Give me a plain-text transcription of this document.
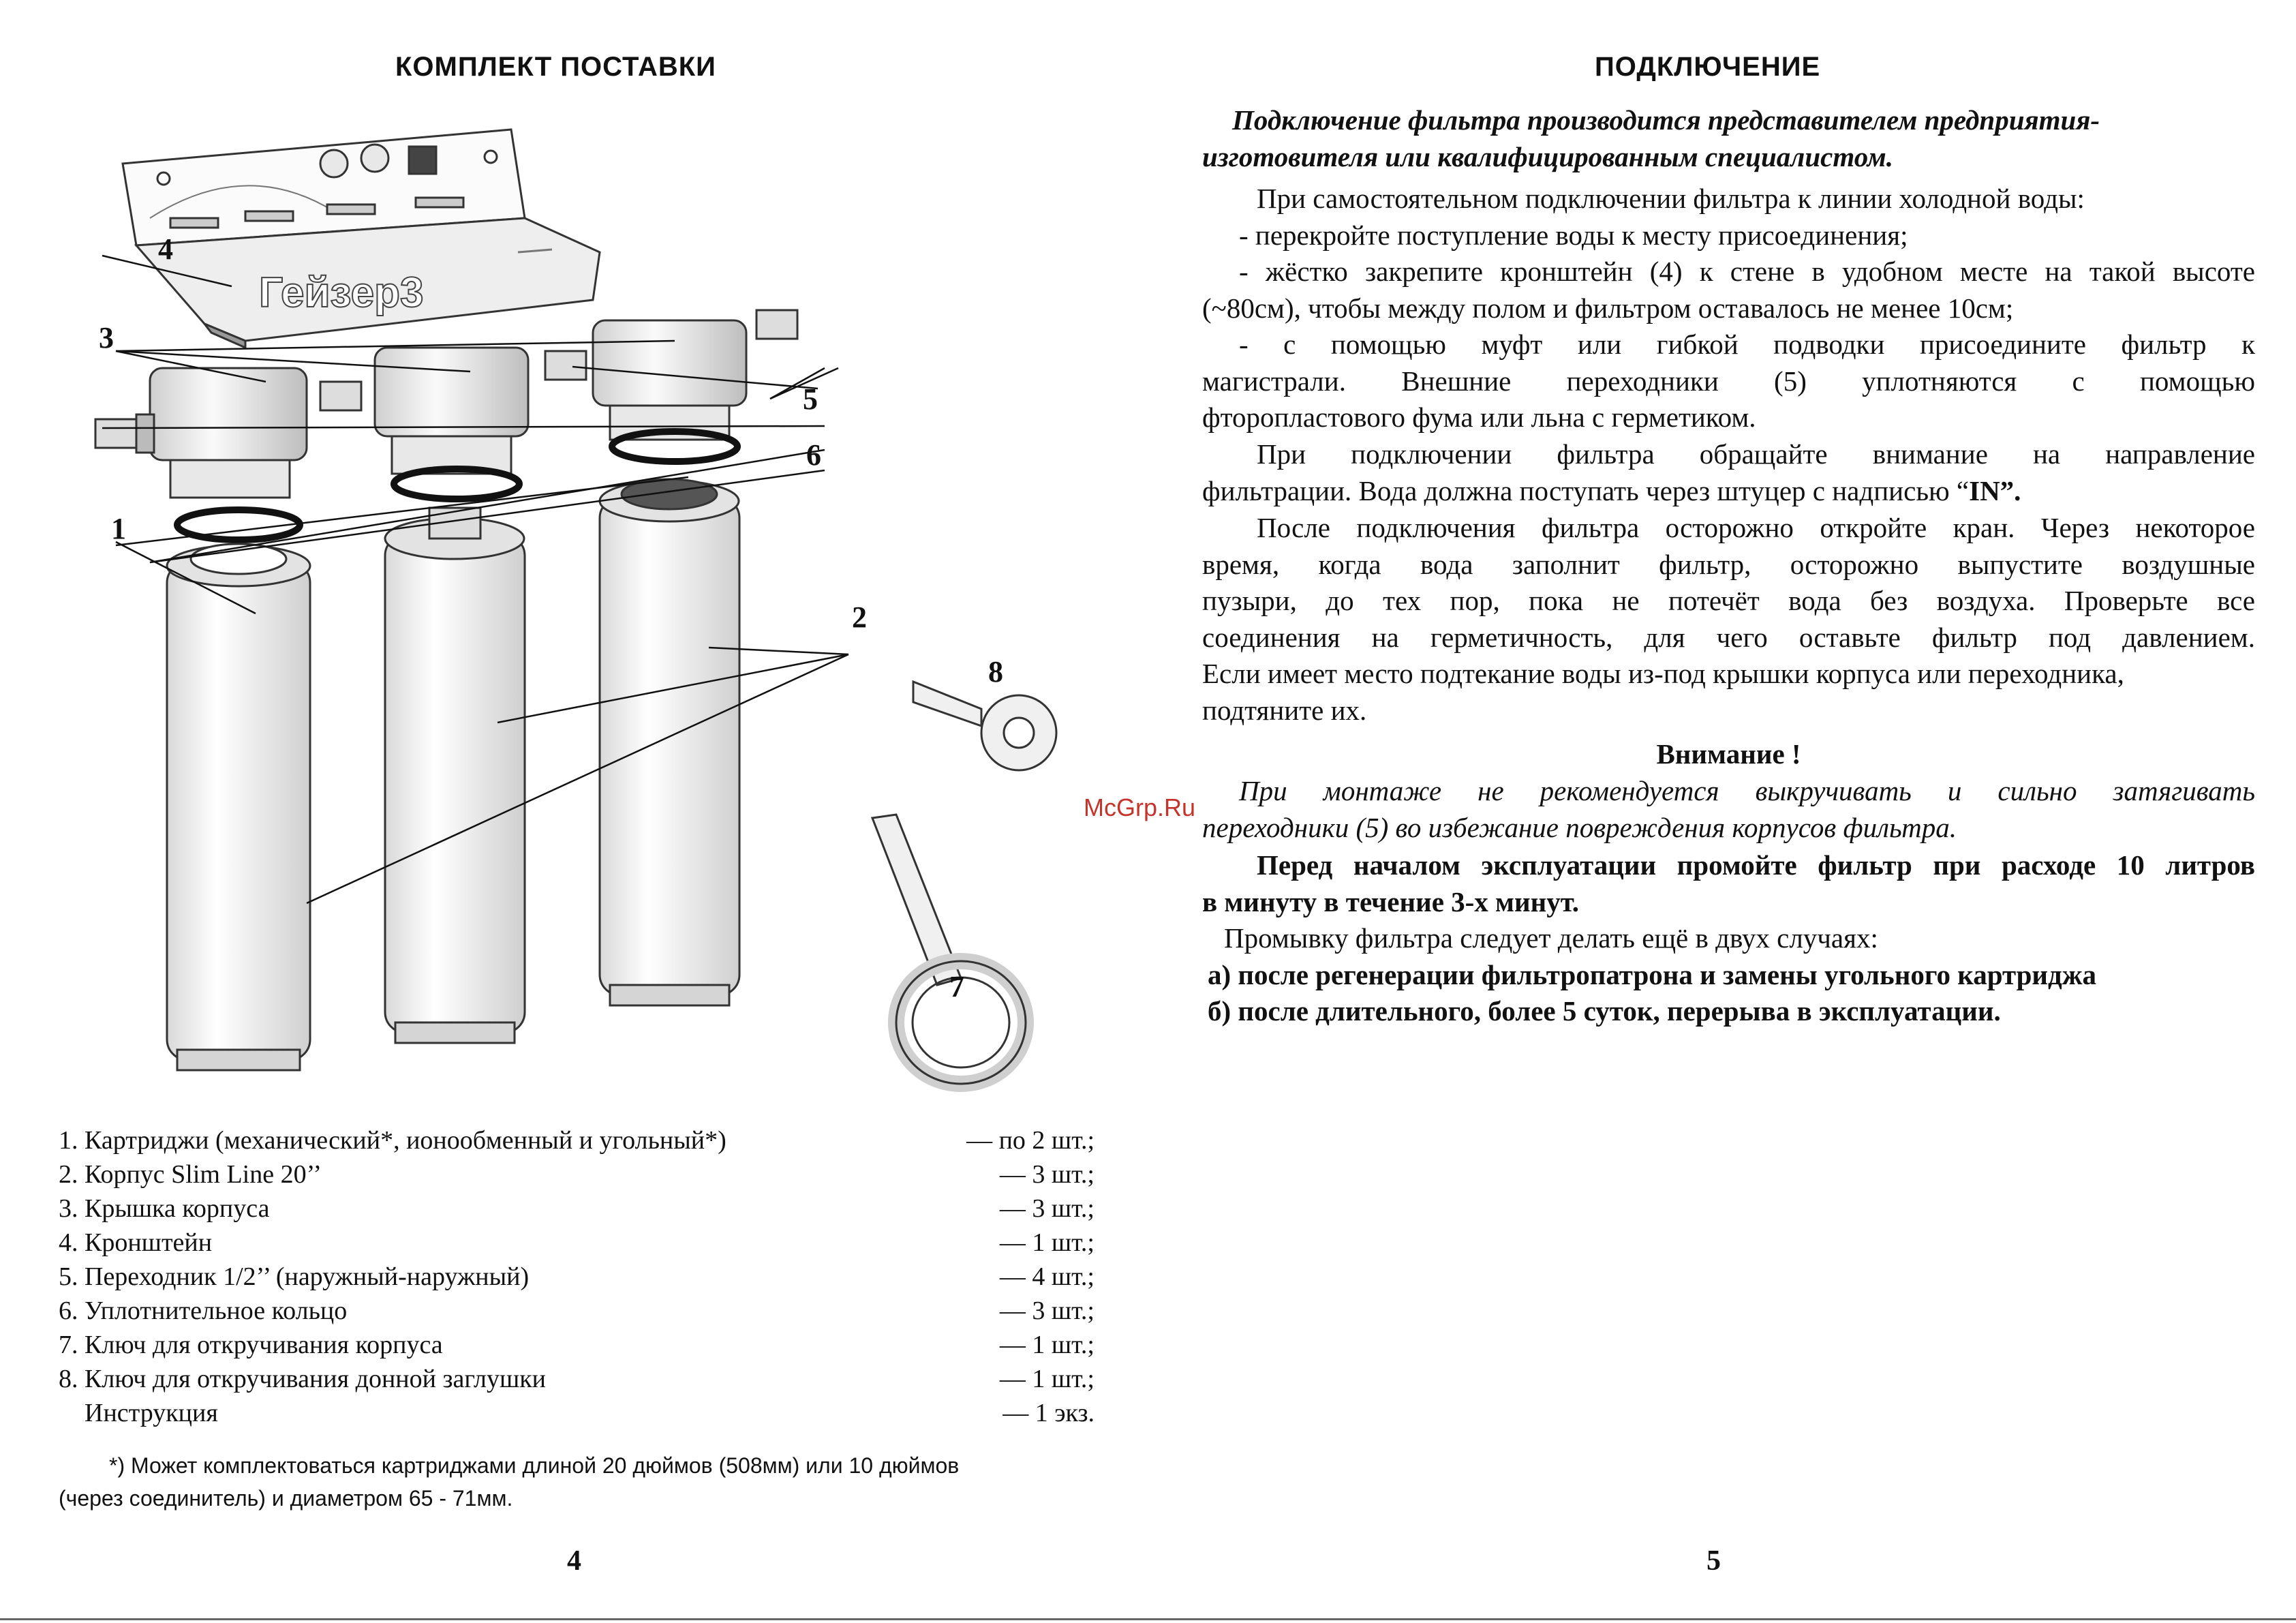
КОМПЛЕКТ ПОСТАВКИ
Гейзер3
4
3
5
6
1
2
8
7
1. Картриджи (механический*, ионообменный и угольный*)	— по 2 шт.;
2. Корпус Slim Line 20’’	— 3 шт.;
3. Крышка корпуса	— 3 шт.;
4. Кронштейн	— 1 шт.;
5. Переходник 1/2’’ (наружный-наружный)	— 4 шт.;
6. Уплотнительное кольцо	— 3 шт.;
7. Ключ для откручивания корпуса	— 1 шт.;
8. Ключ для откручивания донной заглушки	— 1 шт.;
Инструкция	— 1 экз.
*) Может комплектоваться картриджами длиной 20 дюймов (508мм) или 10 дюймов
(через соединитель) и диаметром 65 - 71мм.
4
ПОДКЛЮЧЕНИЕ
Подключение фильтра производится представителем предприятия-
изготовителя или квалифицированным специалистом.
При самостоятельном подключении фильтра к линии холодной воды:
- перекройте поступление воды к месту присоединения;
- жёстко закрепите кронштейн (4) к стене в удобном месте на такой высоте
(~80см), чтобы между полом и фильтром оставалось не менее 10см;
- с помощью муфт или гибкой подводки присоедините фильтр к
магистрали. Внешние переходники (5) уплотняются с помощью
фторопластового фума или льна с герметиком.
При подключении фильтра обращайте внимание на направление
фильтрации. Вода должна поступать через штуцер с надписью “IN”.
После подключения фильтра осторожно откройте кран. Через некоторое
время, когда вода заполнит фильтр, осторожно выпустите воздушные
пузыри, до тех пор, пока не потечёт вода без воздуха. Проверьте все
соединения на герметичность, для чего оставьте фильтр под давлением.
Если имеет место подтекание воды из-под крышки корпуса или переходника,
подтяните их.
Внимание !
При монтаже не рекомендуется выкручивать и сильно затягивать
переходники (5) во избежание повреждения корпусов фильтра.
Перед началом эксплуатации промойте фильтр при расходе 10 литров
в минуту в течение 3-х минут.
Промывку фильтра следует делать ещё в двух случаях:
а) после регенерации фильтропатрона и замены угольного картриджа
б) после длительного, более 5 суток, перерыва в эксплуатации.
5
McGrp.Ru
